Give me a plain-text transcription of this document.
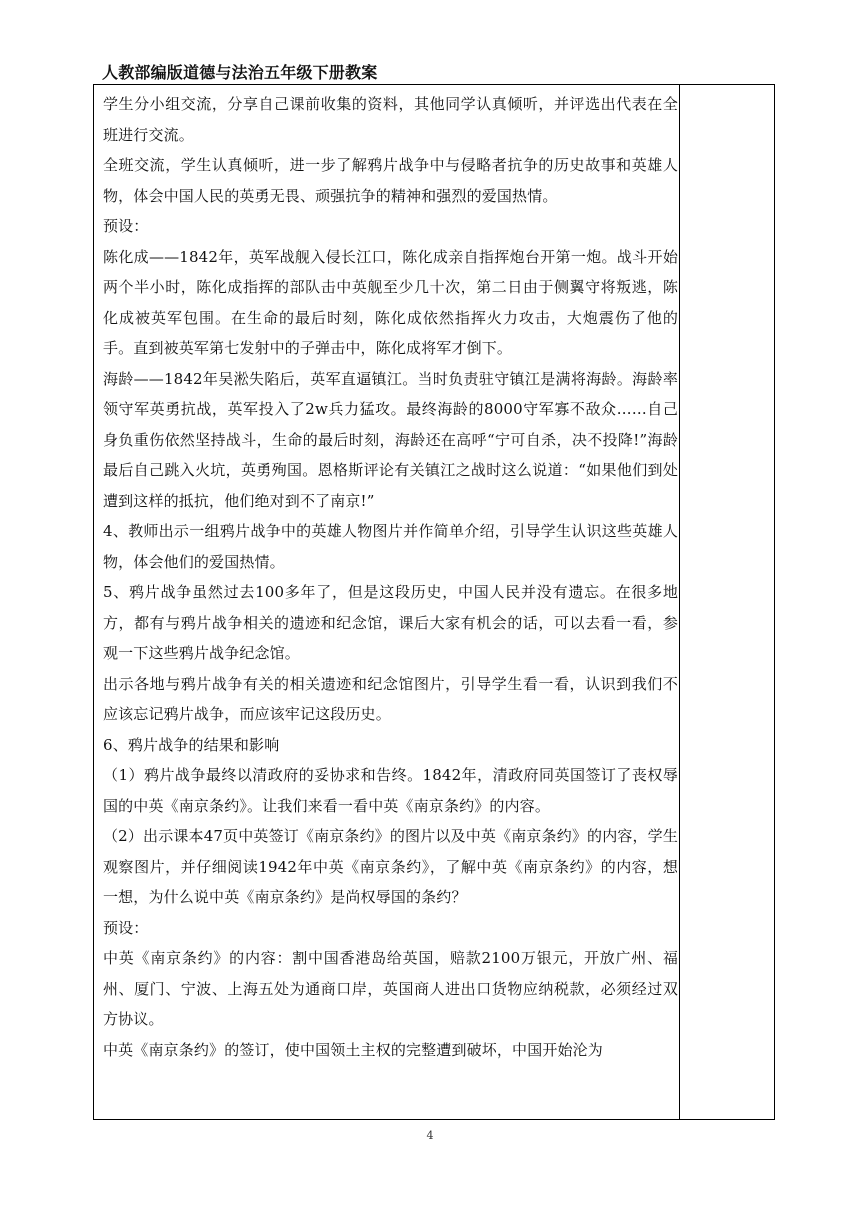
人教部编版道德与法治五年级下册教案

学生分小组交流，分享自己课前收集的资料，其他同学认真倾听，并评选出代表在全班进行交流。

全班交流，学生认真倾听，进一步了解鸦片战争中与侵略者抗争的历史故事和英雄人物，体会中国人民的英勇无畏、顽强抗争的精神和强烈的爱国热情。

预设：

陈化成——1842年，英军战舰入侵长江口，陈化成亲自指挥炮台开第一炮。战斗开始两个半小时，陈化成指挥的部队击中英舰至少几十次，第二日由于侧翼守将叛逃，陈化成被英军包围。在生命的最后时刻，陈化成依然指挥火力攻击，大炮震伤了他的手。直到被英军第七发射中的子弹击中，陈化成将军才倒下。

海龄——1842年吴淞失陷后，英军直逼镇江。当时负责驻守镇江是满将海龄。海龄率领守军英勇抗战，英军投入了2w兵力猛攻。最终海龄的8000守军寡不敌众……自己身负重伤依然坚持战斗，生命的最后时刻，海龄还在高呼“宁可自杀，决不投降!”海龄最后自己跳入火坑，英勇殉国。恩格斯评论有关镇江之战时这么说道：“如果他们到处遭到这样的抵抗，他们绝对到不了南京!”

4、教师出示一组鸦片战争中的英雄人物图片并作简单介绍，引导学生认识这些英雄人物，体会他们的爱国热情。

5、鸦片战争虽然过去100多年了，但是这段历史，中国人民并没有遗忘。在很多地方，都有与鸦片战争相关的遗迹和纪念馆，课后大家有机会的话，可以去看一看，参观一下这些鸦片战争纪念馆。

出示各地与鸦片战争有关的相关遗迹和纪念馆图片，引导学生看一看，认识到我们不应该忘记鸦片战争，而应该牢记这段历史。

6、鸦片战争的结果和影响

（1）鸦片战争最终以清政府的妥协求和告终。1842年，清政府同英国签订了丧权辱国的中英《南京条约》。让我们来看一看中英《南京条约》的内容。

（2）出示课本47页中英签订《南京条约》的图片以及中英《南京条约》的内容，学生观察图片，并仔细阅读1942年中英《南京条约》，了解中英《南京条约》的内容，想一想，为什么说中英《南京条约》是尚权辱国的条约？

预设：

中英《南京条约》的内容：割中国香港岛给英国，赔款2100万银元，开放广州、福州、厦门、宁波、上海五处为通商口岸，英国商人进出口货物应纳税款，必须经过双方协议。

中英《南京条约》的签订，使中国领土主权的完整遭到破坏，中国开始沦为

4
